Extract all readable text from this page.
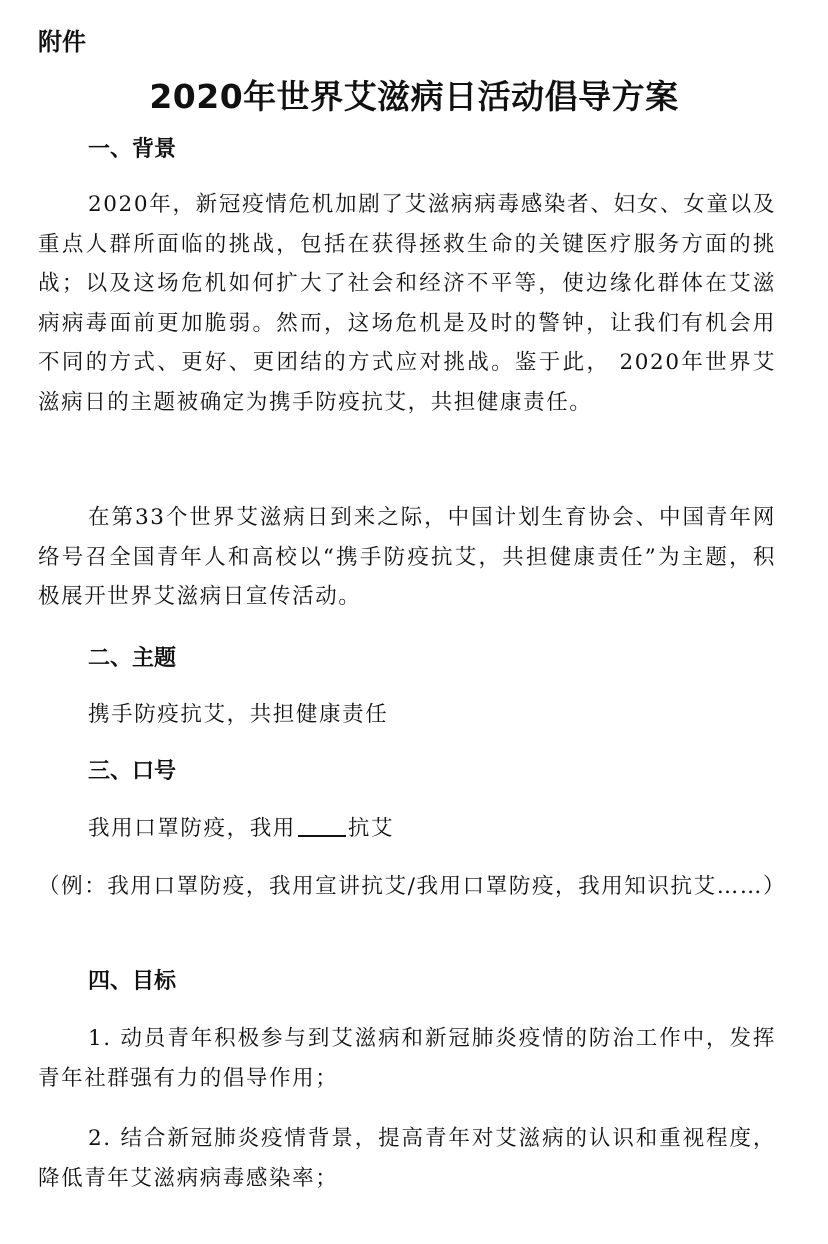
附件
2020年世界艾滋病日活动倡导方案
一、背景

2020年，新冠疫情危机加剧了艾滋病病毒感染者、妇女、女童以及重点人群所面临的挑战，包括在获得拯救生命的关键医疗服务方面的挑战；以及这场危机如何扩大了社会和经济不平等，使边缘化群体在艾滋病病毒面前更加脆弱。然而，这场危机是及时的警钟，让我们有机会用不同的方式、更好、更团结的方式应对挑战。鉴于此， 2020年世界艾滋病日的主题被确定为携手防疫抗艾，共担健康责任。

在第33个世界艾滋病日到来之际，中国计划生育协会、中国青年网络号召全国青年人和高校以“携手防疫抗艾，共担健康责任”为主题，积极展开世界艾滋病日宣传活动。

二、主题

携手防疫抗艾，共担健康责任

三、口号

我用口罩防疫，我用 抗艾

（例：我用口罩防疫，我用宣讲抗艾/我用口罩防疫，我用知识抗艾……）

四、目标

1. 动员青年积极参与到艾滋病和新冠肺炎疫情的防治工作中，发挥青年社群强有力的倡导作用；

2. 结合新冠肺炎疫情背景，提高青年对艾滋病的认识和重视程度，降低青年艾滋病病毒感染率；
